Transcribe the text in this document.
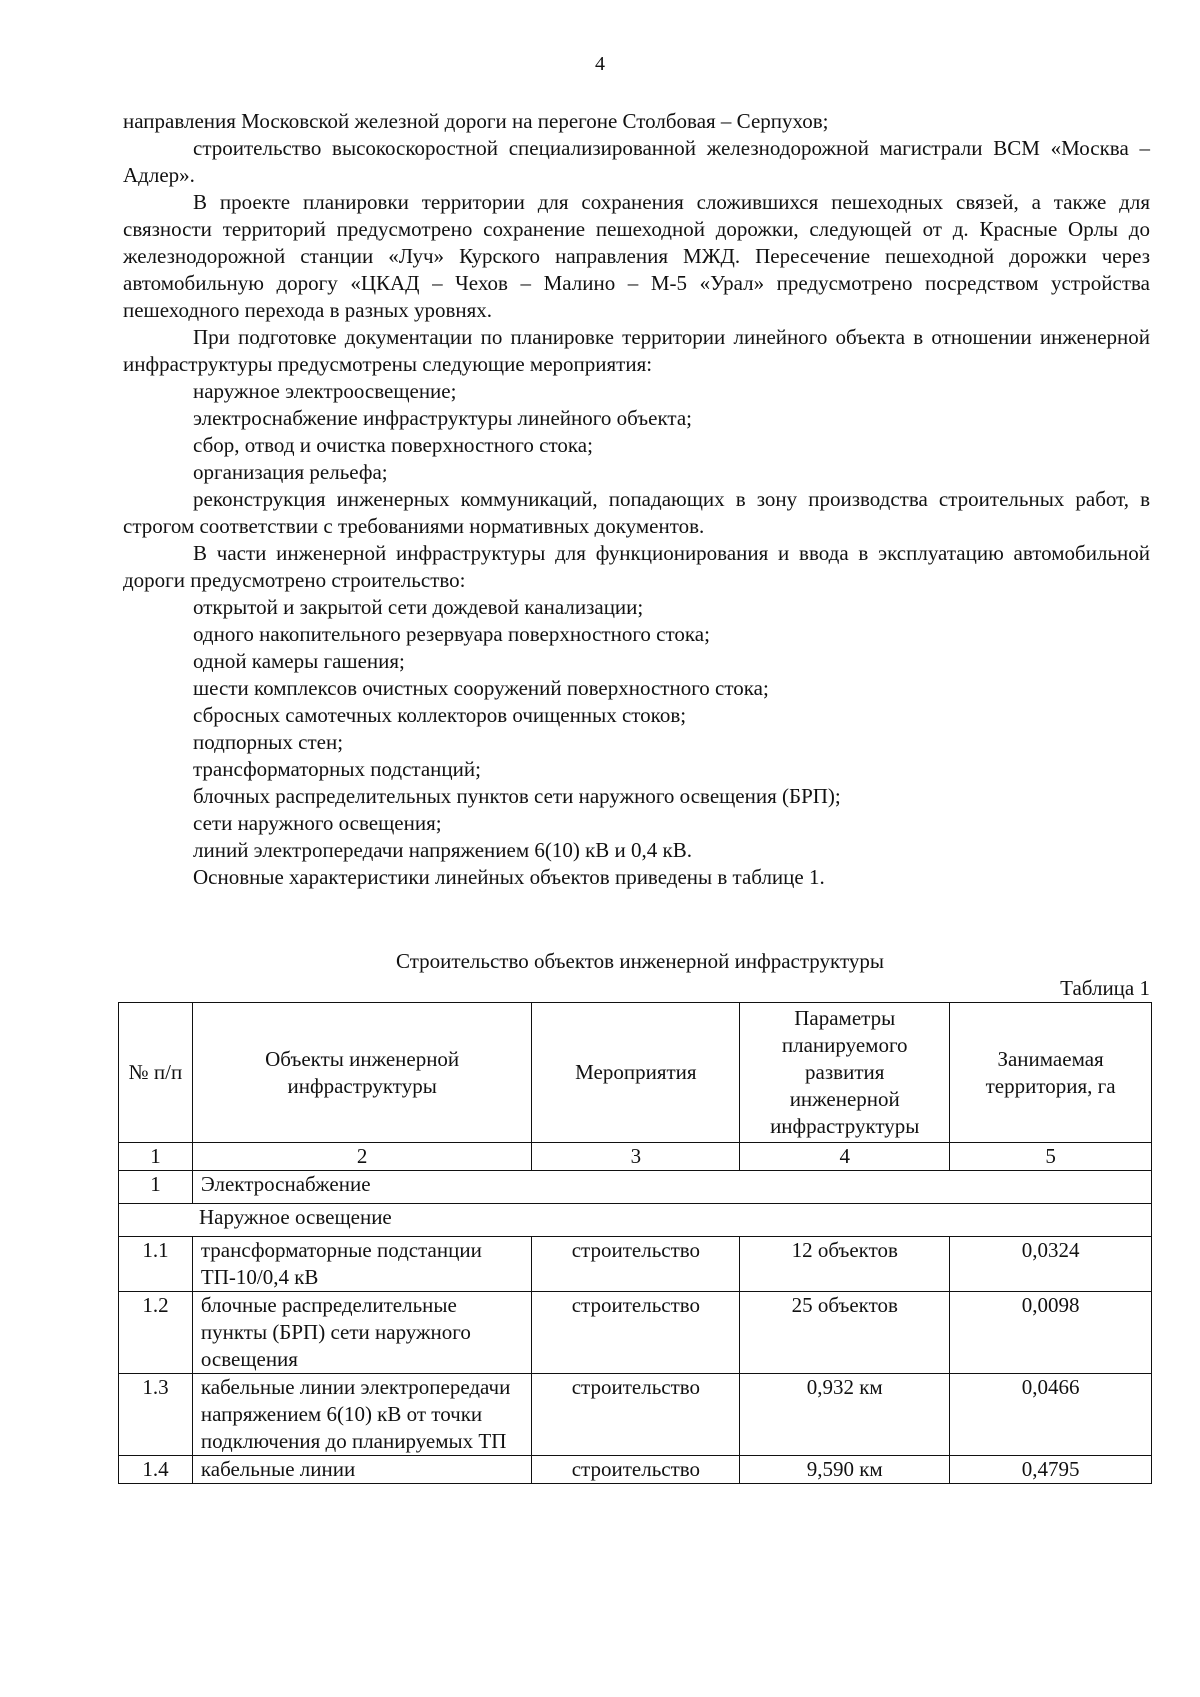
4

направления Московской железной дороги на перегоне Столбовая – Серпухов;

строительство высокоскоростной специализированной железнодорожной магистрали ВСМ «Москва – Адлер».

В проекте планировки территории для сохранения сложившихся пешеходных связей, а также для связности территорий предусмотрено сохранение пешеходной дорожки, следующей от д. Красные Орлы до железнодорожной станции «Луч» Курского направления МЖД. Пересечение пешеходной дорожки через автомобильную дорогу «ЦКАД – Чехов – Малино – М-5 «Урал» предусмотрено посредством устройства пешеходного перехода в разных уровнях.

При подготовке документации по планировке территории линейного объекта в отношении инженерной инфраструктуры предусмотрены следующие мероприятия:

наружное электроосвещение;

электроснабжение инфраструктуры линейного объекта;

сбор, отвод и очистка поверхностного стока;

организация рельефа;

реконструкция инженерных коммуникаций, попадающих в зону производства строительных работ, в строгом соответствии с требованиями нормативных документов.

В части инженерной инфраструктуры для функционирования и ввода в эксплуатацию автомобильной дороги предусмотрено строительство:

открытой и закрытой сети дождевой канализации;

одного накопительного резервуара поверхностного стока;

одной камеры гашения;

шести комплексов очистных сооружений поверхностного стока;

сбросных самотечных коллекторов очищенных стоков;

подпорных стен;

трансформаторных подстанций;

блочных распределительных пунктов сети наружного освещения (БРП);

сети наружного освещения;

линий электропередачи напряжением 6(10) кВ и 0,4 кВ.

Основные характеристики линейных объектов приведены в таблице 1.

Строительство объектов инженерной инфраструктуры
Таблица 1
№ п/п	Объекты инженерной инфраструктуры	Мероприятия	Параметры планируемого развития инженерной инфраструктуры	Занимаемая территория, га
1	2	3	4	5
1	Электроснабжение			
Наружное освещение				
1.1	трансформаторные подстанции ТП-10/0,4 кВ	строительство	12 объектов	0,0324
1.2	блочные распределительные пункты (БРП) сети наружного освещения	строительство	25 объектов	0,0098
1.3	кабельные линии электропередачи напряжением 6(10) кВ от точки подключения до планируемых ТП	строительство	0,932 км	0,0466
1.4	кабельные линии	строительство	9,590 км	0,4795
